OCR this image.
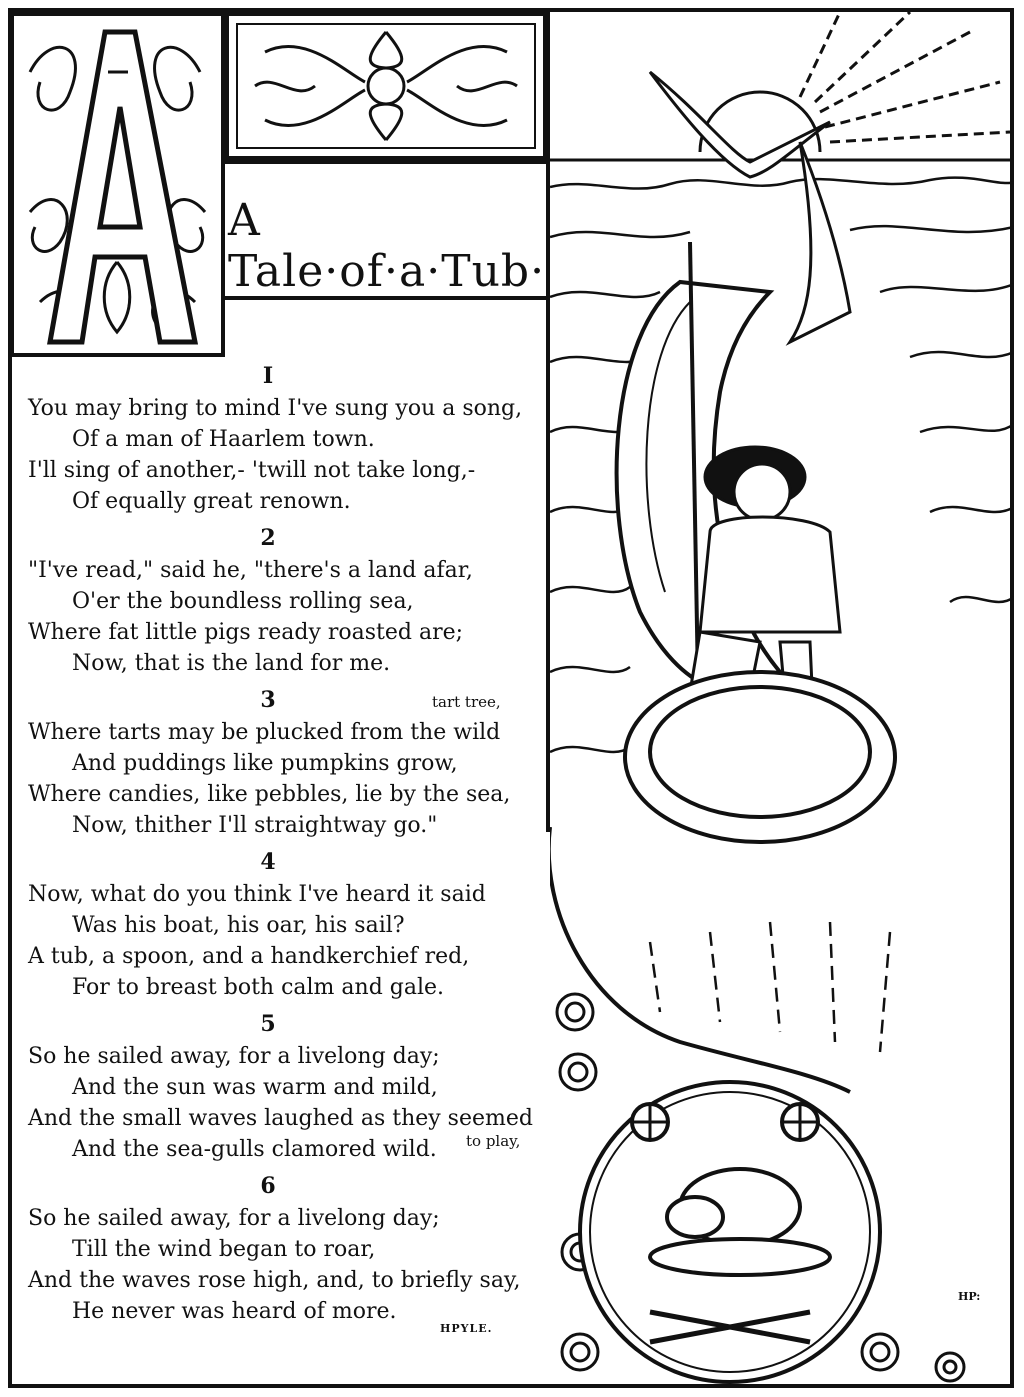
A Tale·of·a·Tub·
I
You may bring to mind I've sung you a song,
Of a man of Haarlem town.
I'll sing of another,- 'twill not take long,-
Of equally great renown.
2
"I've read," said he, "there's a land afar,
O'er the boundless rolling sea,
Where fat little pigs ready roasted are;
Now, that is the land for me.
3
Where tarts may be plucked from the wild
And puddings like pumpkins grow,
Where candies, like pebbles, lie by the sea,
Now, thither I'll straightway go."
4
Now, what do you think I've heard it said
Was his boat, his oar, his sail?
A tub, a spoon, and a handkerchief red,
For to breast both calm and gale.
5
So he sailed away, for a livelong day;
And the sun was warm and mild,
And the small waves laughed as they seemed
And the sea-gulls clamored wild.
6
So he sailed away, for a livelong day;
Till the wind began to roar,
And the waves rose high, and, to briefly say,
He never was heard of more.
tart tree,
to play,
HPYLE.
HP:
